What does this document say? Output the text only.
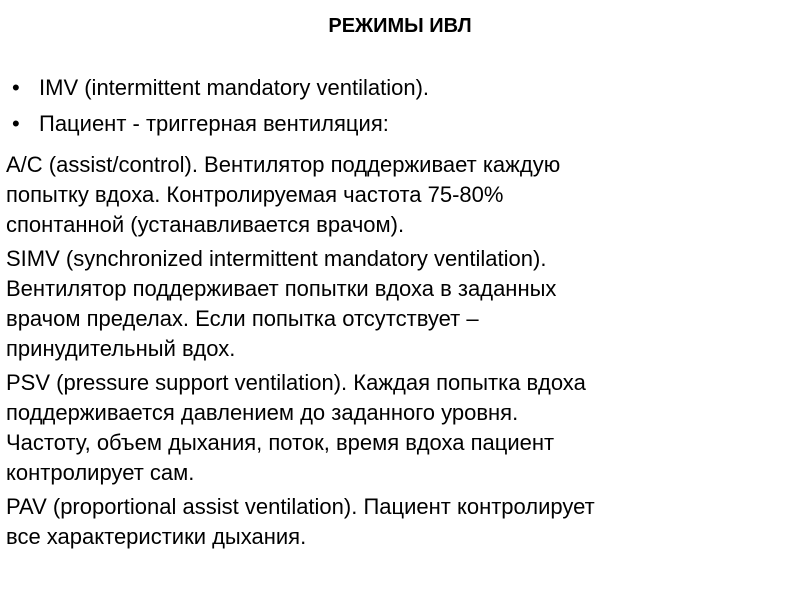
РЕЖИМЫ ИВЛ
• IMV (intermittent mandatory ventilation).
• Пациент - триггерная вентиляция:
A/C (assist/control). Вентилятор поддерживает каждую
попытку вдоха. Контролируемая частота 75-80%
спонтанной (устанавливается врачом).
SIMV (synchronized intermittent mandatory ventilation).
Вентилятор поддерживает попытки вдоха в заданных
врачом пределах. Если попытка отсутствует –
принудительный вдох.
PSV (pressure support ventilation). Каждая попытка вдоха
поддерживается давлением до заданного уровня.
Частоту, объем дыхания, поток, время вдоха пациент
контролирует сам.
PAV (proportional assist ventilation). Пациент контролирует
все характеристики дыхания.
